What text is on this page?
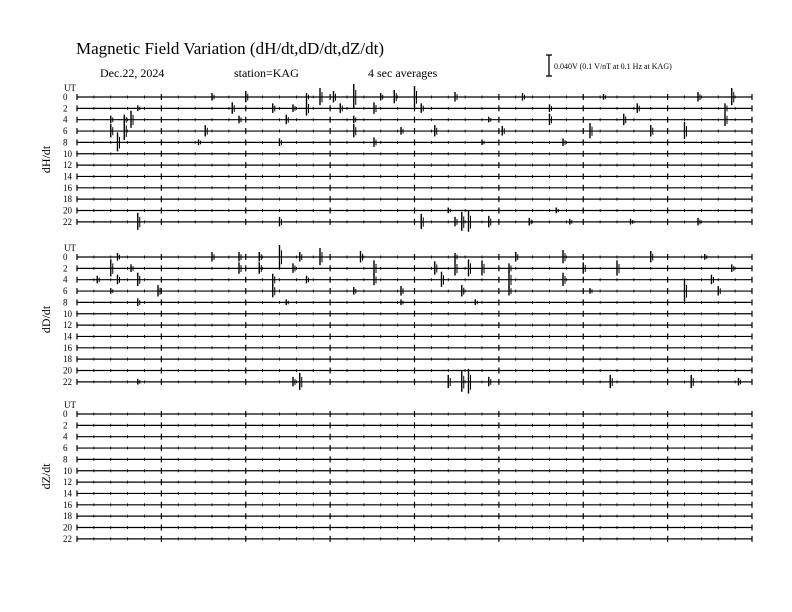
Magnetic Field Variation (dH/dt,dD/dt,dZ/dt)
Dec.22, 2024	station=KAG	4 sec averages	0.040V (0.1 V/nT at 0.1 Hz at KAG)
UT
dH/dt
0
2
4
6
8
10
12
14
16
18
20
22
UT
dD/dt
0
2
4
6
8
10
12
14
16
18
20
22
UT
dZ/dt
0
2
4
6
8
10
12
14
16
18
20
22
